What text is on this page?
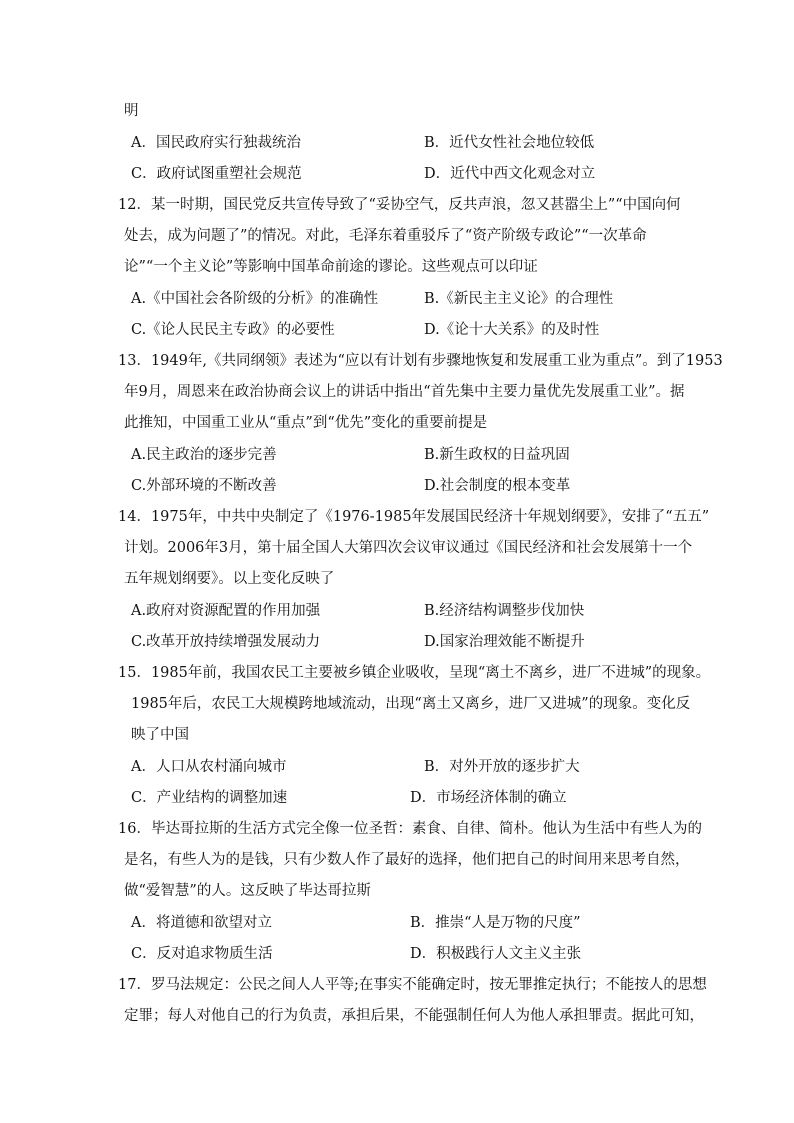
明
A．国民政府实行独裁统治	B．近代女性社会地位较低
C．政府试图重塑社会规范	D．近代中西文化观念对立
12．某一时期，国民党反共宣传导致了“妥协空气，反共声浪，忽又甚嚣尘上”“中国向何
处去，成为问题了”的情况。对此，毛泽东着重驳斥了“资产阶级专政论”“一次革命
论”“一个主义论”等影响中国革命前途的谬论。这些观点可以印证
A.《中国社会各阶级的分析》的准确性	B.《新民主主义论》的合理性
C.《论人民民主专政》的必要性	D.《论十大关系》的及时性
13．1949年,《共同纲领》表述为“应以有计划有步骤地恢复和发展重工业为重点”。到了1953
年9月，周恩来在政治协商会议上的讲话中指出“首先集中主要力量优先发展重工业”。据
此推知，中国重工业从“重点”到“优先”变化的重要前提是
A.民主政治的逐步完善	B.新生政权的日益巩固
C.外部环境的不断改善	D.社会制度的根本变革
14．1975年，中共中央制定了《1976-1985年发展国民经济十年规划纲要》，安排了“五五”
计划。2006年3月，第十届全国人大第四次会议审议通过《国民经济和社会发展第十一个
五年规划纲要》。以上变化反映了
A.政府对资源配置的作用加强	B.经济结构调整步伐加快
C.改革开放持续增强发展动力	D.国家治理效能不断提升
15．1985年前，我国农民工主要被乡镇企业吸收，呈现“离土不离乡，进厂不进城”的现象。
1985年后，农民工大规模跨地域流动，出现“离土又离乡，进厂又进城”的现象。变化反
映了中国
A．人口从农村涌向城市	B．对外开放的逐步扩大
C．产业结构的调整加速	D．市场经济体制的确立
16．毕达哥拉斯的生活方式完全像一位圣哲：素食、自律、简朴。他认为生活中有些人为的
是名，有些人为的是钱，只有少数人作了最好的选择，他们把自己的时间用来思考自然，
做“爱智慧”的人。这反映了毕达哥拉斯
A．将道德和欲望对立	B．推崇“人是万物的尺度”
C．反对追求物质生活	D．积极践行人文主义主张
17．罗马法规定：公民之间人人平等;在事实不能确定时，按无罪推定执行；不能按人的思想
定罪；每人对他自己的行为负责，承担后果，不能强制任何人为他人承担罪责。据此可知，
